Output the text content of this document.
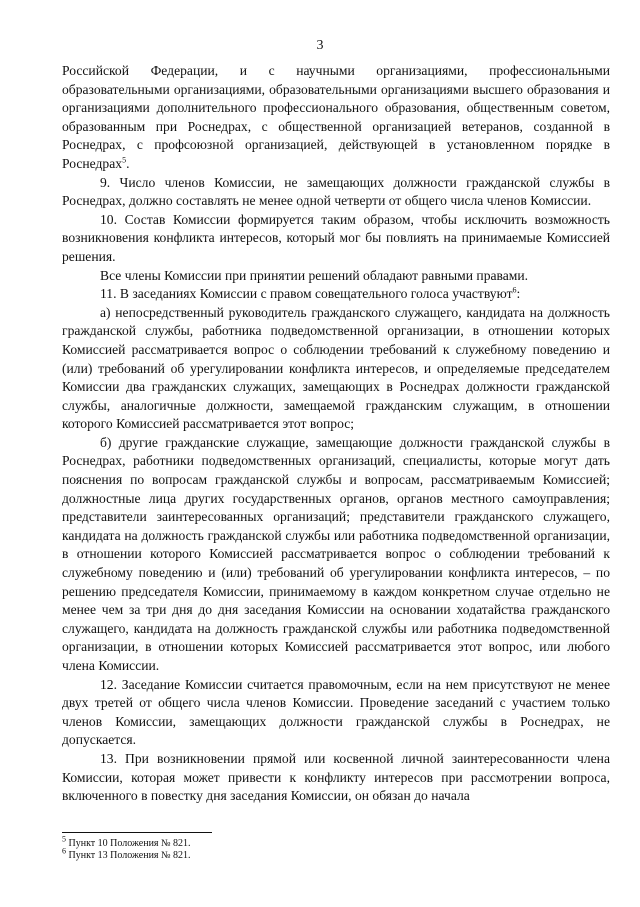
3

Российской Федерации, и с научными организациями, профессиональными образовательными организациями, образовательными организациями высшего образования и организациями дополнительного профессионального образования, общественным советом, образованным при Роснедрах, с общественной организацией ветеранов, созданной в Роснедрах, с профсоюзной организацией, действующей в установленном порядке в Роснедрах$^5$.

9. Число членов Комиссии, не замещающих должности гражданской службы в Роснедрах, должно составлять не менее одной четверти от общего числа членов Комиссии.

10. Состав Комиссии формируется таким образом, чтобы исключить возможность возникновения конфликта интересов, который мог бы повлиять на принимаемые Комиссией решения.

Все члены Комиссии при принятии решений обладают равными правами.

11. В заседаниях Комиссии с правом совещательного голоса участвуют$^6$:

а) непосредственный руководитель гражданского служащего, кандидата на должность гражданской службы, работника подведомственной организации, в отношении которых Комиссией рассматривается вопрос о соблюдении требований к служебному поведению и (или) требований об урегулировании конфликта интересов, и определяемые председателем Комиссии два гражданских служащих, замещающих в Роснедрах должности гражданской службы, аналогичные должности, замещаемой гражданским служащим, в отношении которого Комиссией рассматривается этот вопрос;

б) другие гражданские служащие, замещающие должности гражданской службы в Роснедрах, работники подведомственных организаций, специалисты, которые могут дать пояснения по вопросам гражданской службы и вопросам, рассматриваемым Комиссией; должностные лица других государственных органов, органов местного самоуправления; представители заинтересованных организаций; представители гражданского служащего, кандидата на должность гражданской службы или работника подведомственной организации, в отношении которого Комиссией рассматривается вопрос о соблюдении требований к служебному поведению и (или) требований об урегулировании конфликта интересов, – по решению председателя Комиссии, принимаемому в каждом конкретном случае отдельно не менее чем за три дня до дня заседания Комиссии на основании ходатайства гражданского служащего, кандидата на должность гражданской службы или работника подведомственной организации, в отношении которых Комиссией рассматривается этот вопрос, или любого члена Комиссии.

12. Заседание Комиссии считается правомочным, если на нем присутствуют не менее двух третей от общего числа членов Комиссии. Проведение заседаний с участием только членов Комиссии, замещающих должности гражданской службы в Роснедрах, не допускается.

13. При возникновении прямой или косвенной личной заинтересованности члена Комиссии, которая может привести к конфликту интересов при рассмотрении вопроса, включенного в повестку дня заседания Комиссии, он обязан до начала

$^5$ Пункт 10 Положения № 821.

$^6$ Пункт 13 Положения № 821.
